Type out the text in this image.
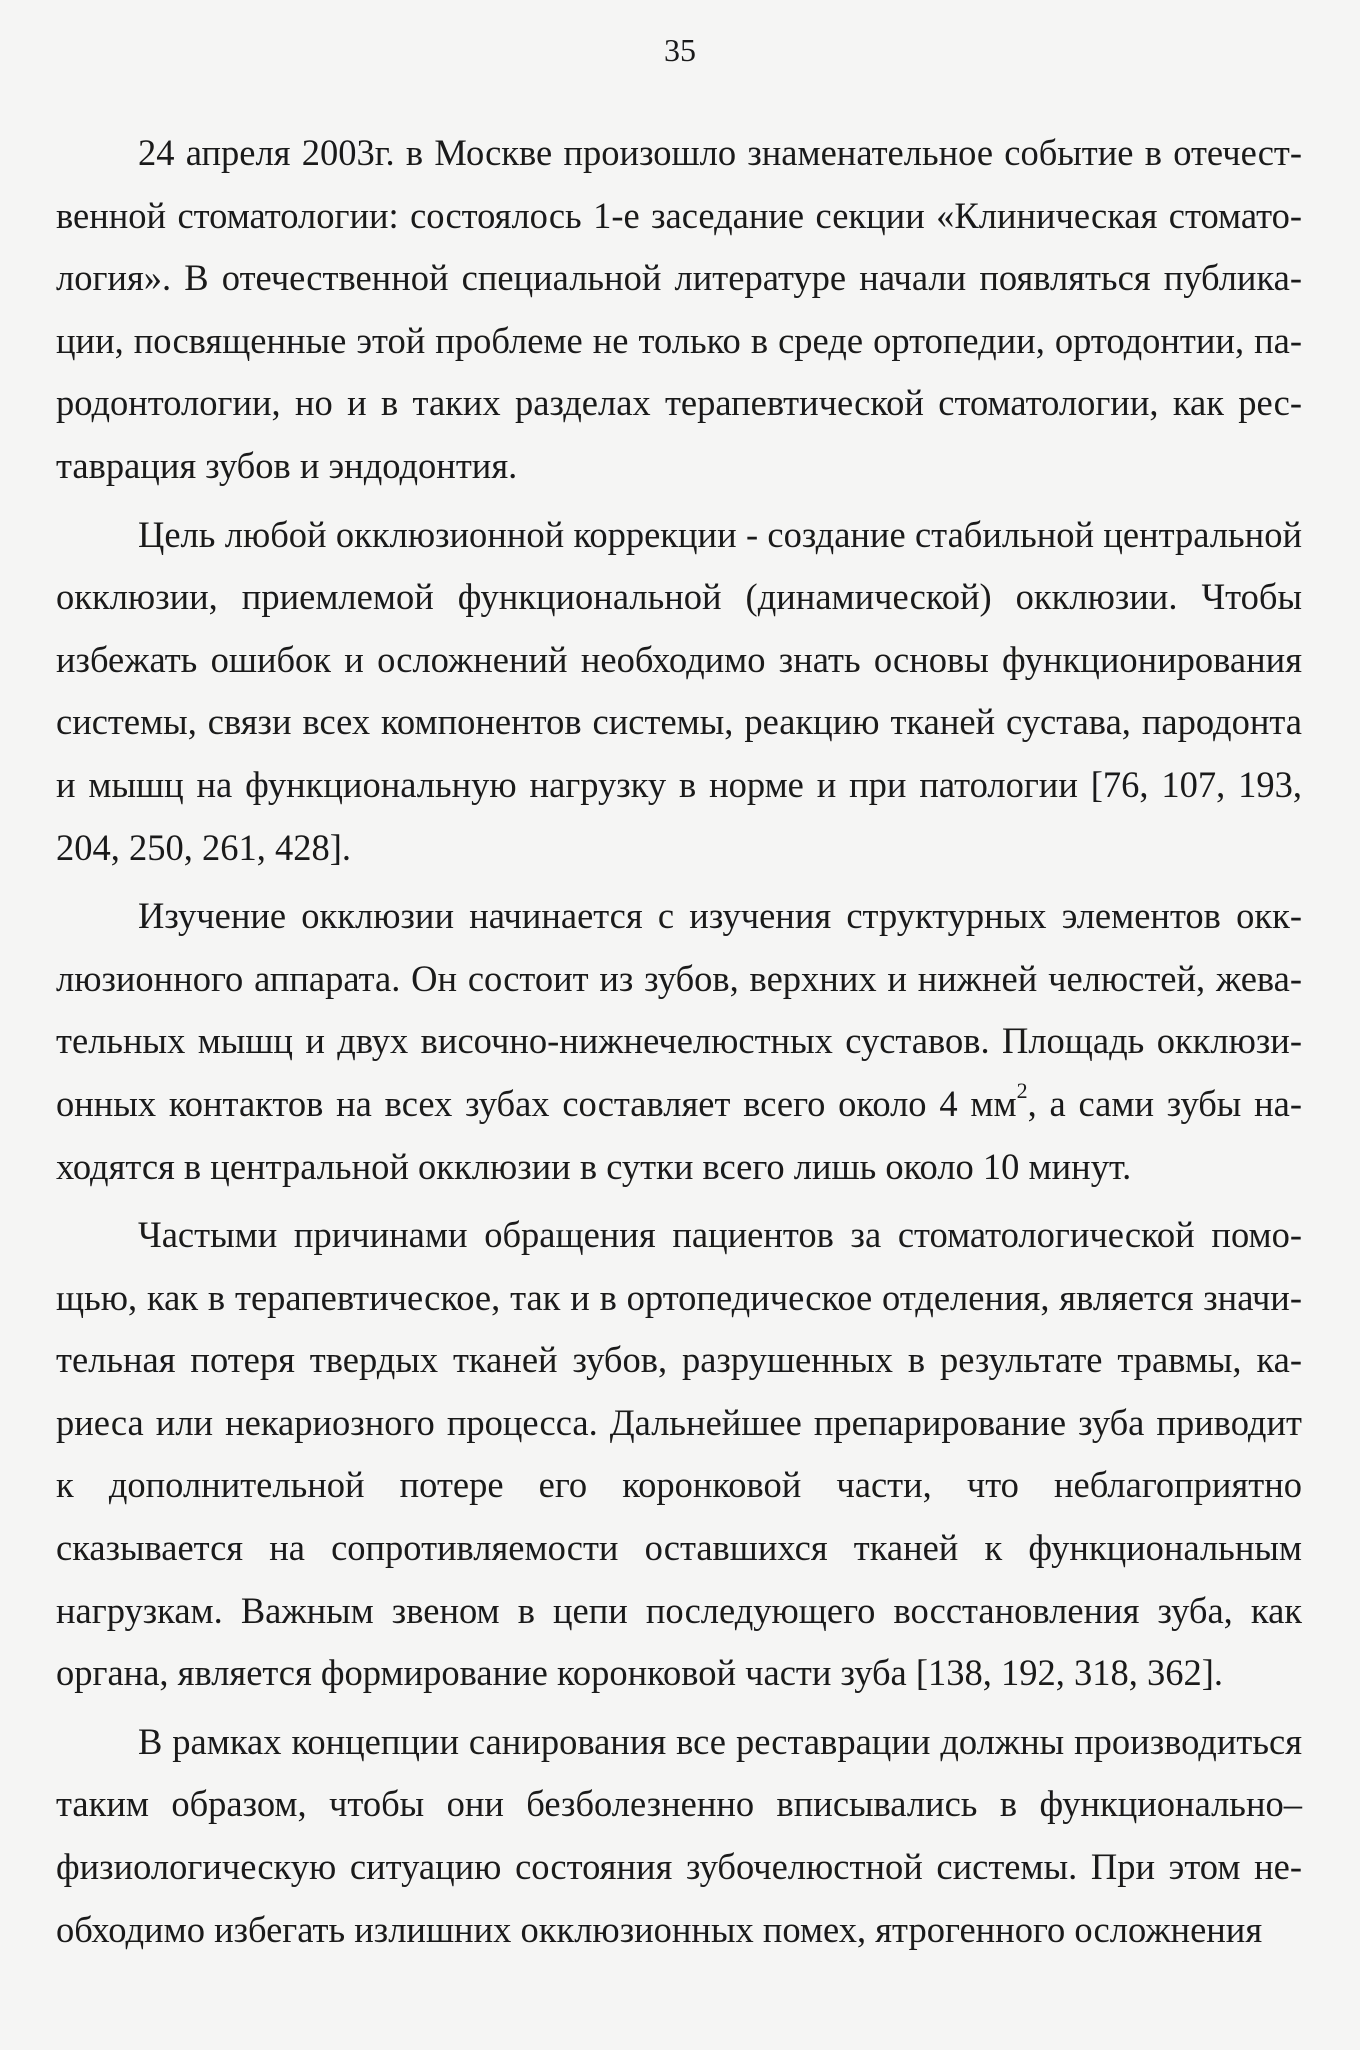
35

24 апреля 2003г. в Москве произошло знаменательное событие в отечественной стоматологии: состоялось 1-е заседание секции «Клиническая стоматология». В отечественной специальной литературе начали появляться публикации, посвященные этой проблеме не только в среде ортопедии, ортодонтии, пародонтологии, но и в таких разделах терапевтической стоматологии, как реставрация зубов и эндодонтия.

Цель любой окклюзионной коррекции - создание стабильной центральной окклюзии, приемлемой функциональной (динамической) окклюзии. Чтобы избежать ошибок и осложнений необходимо знать основы функционирования системы, связи всех компонентов системы, реакцию тканей сустава, пародонта и мышц на функциональную нагрузку в норме и при патологии [76, 107, 193, 204, 250, 261, 428].

Изучение окклюзии начинается с изучения структурных элементов окклюзионного аппарата. Он состоит из зубов, верхних и нижней челюстей, жевательных мышц и двух височно-нижнечелюстных суставов. Площадь окклюзионных контактов на всех зубах составляет всего около 4 $мм^2$, а сами зубы находятся в центральной окклюзии в сутки всего лишь около 10 минут.

Частыми причинами обращения пациентов за стоматологической помощью, как в терапевтическое, так и в ортопедическое отделения, является значительная потеря твердых тканей зубов, разрушенных в результате травмы, кариеса или некариозного процесса. Дальнейшее препарирование зуба приводит к дополнительной потере его коронковой части, что неблагоприятно сказывается на сопротивляемости оставшихся тканей к функциональным нагрузкам. Важным звеном в цепи последующего восстановления зуба, как органа, является формирование коронковой части зуба [138, 192, 318, 362].

В рамках концепции санирования все реставрации должны производиться таким образом, чтобы они безболезненно вписывались в функционально–физиологическую ситуацию состояния зубочелюстной системы. При этом необходимо избегать излишних окклюзионных помех, ятрогенного осложнения
